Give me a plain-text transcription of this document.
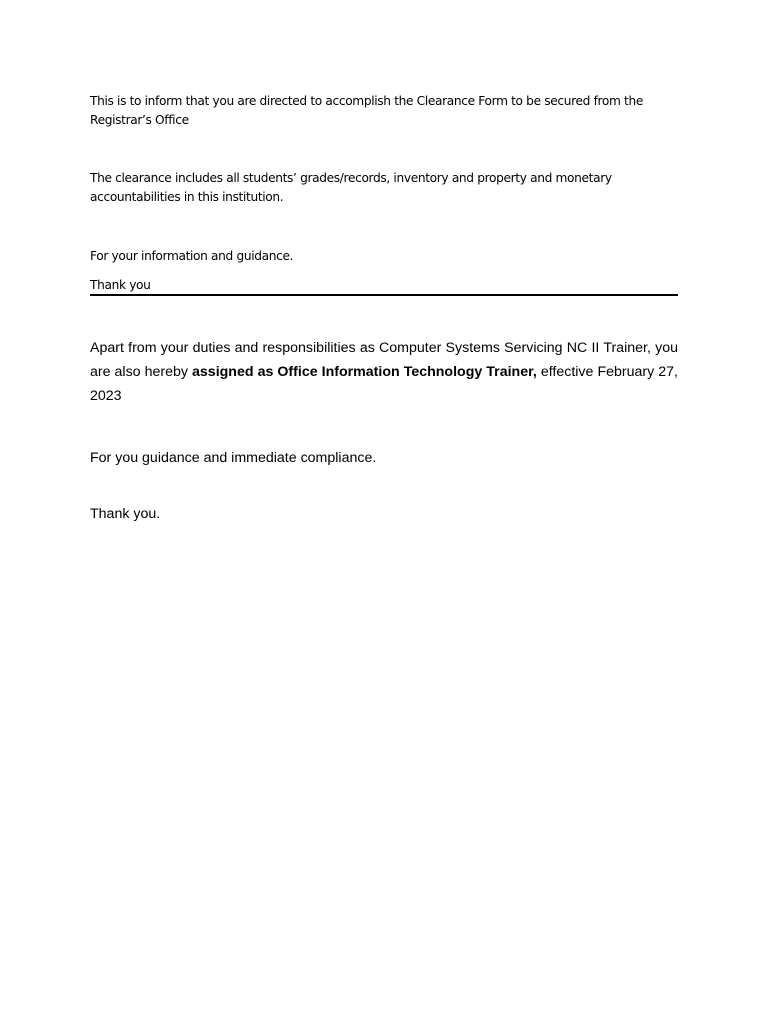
This is to inform that you are directed to accomplish the Clearance Form to be secured from the Registrar’s Office

The clearance includes all students’ grades/records, inventory and property and monetary accountabilities in this institution.

For your information and guidance.

Thank you

Apart from your duties and responsibilities as Computer Systems Servicing NC II Trainer, you are also hereby assigned as Office Information Technology Trainer, effective February 27, 2023

For you guidance and immediate compliance.

Thank you.
